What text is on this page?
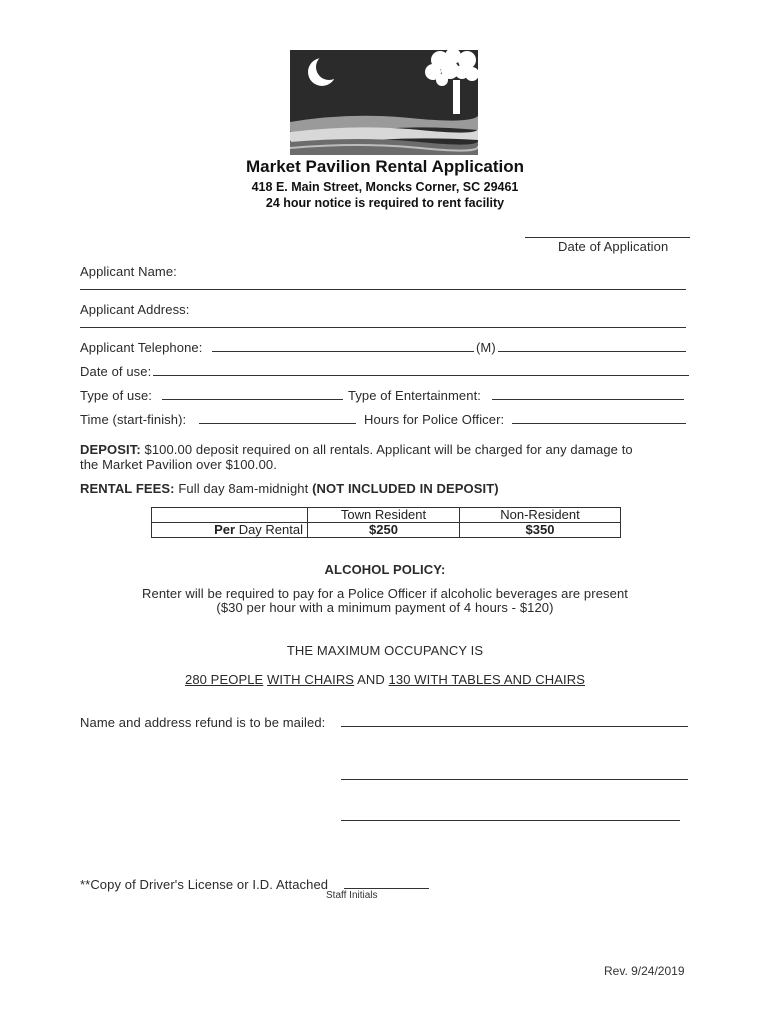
Market Pavilion Rental Application
418 E. Main Street, Moncks Corner, SC 29461
24 hour notice is required to rent facility
Date of Application
Applicant Name:
Applicant Address:
Applicant Telephone:	(M)
Date of use:
Type of use:	Type of Entertainment:
Time (start-finish):	Hours for Police Officer:
DEPOSIT: $100.00 deposit required on all rentals. Applicant will be charged for any damage to
the Market Pavilion over $100.00.
RENTAL FEES: Full day 8am-midnight (NOT INCLUDED IN DEPOSIT)
	Town Resident	Non-Resident
Per Day Rental	$250	$350
ALCOHOL POLICY:
Renter will be required to pay for a Police Officer if alcoholic beverages are present
($30 per hour with a minimum payment of 4 hours - $120)
THE MAXIMUM OCCUPANCY IS
280 PEOPLE WITH CHAIRS AND 130 WITH TABLES AND CHAIRS
Name and address refund is to be mailed:
**Copy of Driver's License or I.D. Attached
Staff Initials
Rev. 9/24/2019
